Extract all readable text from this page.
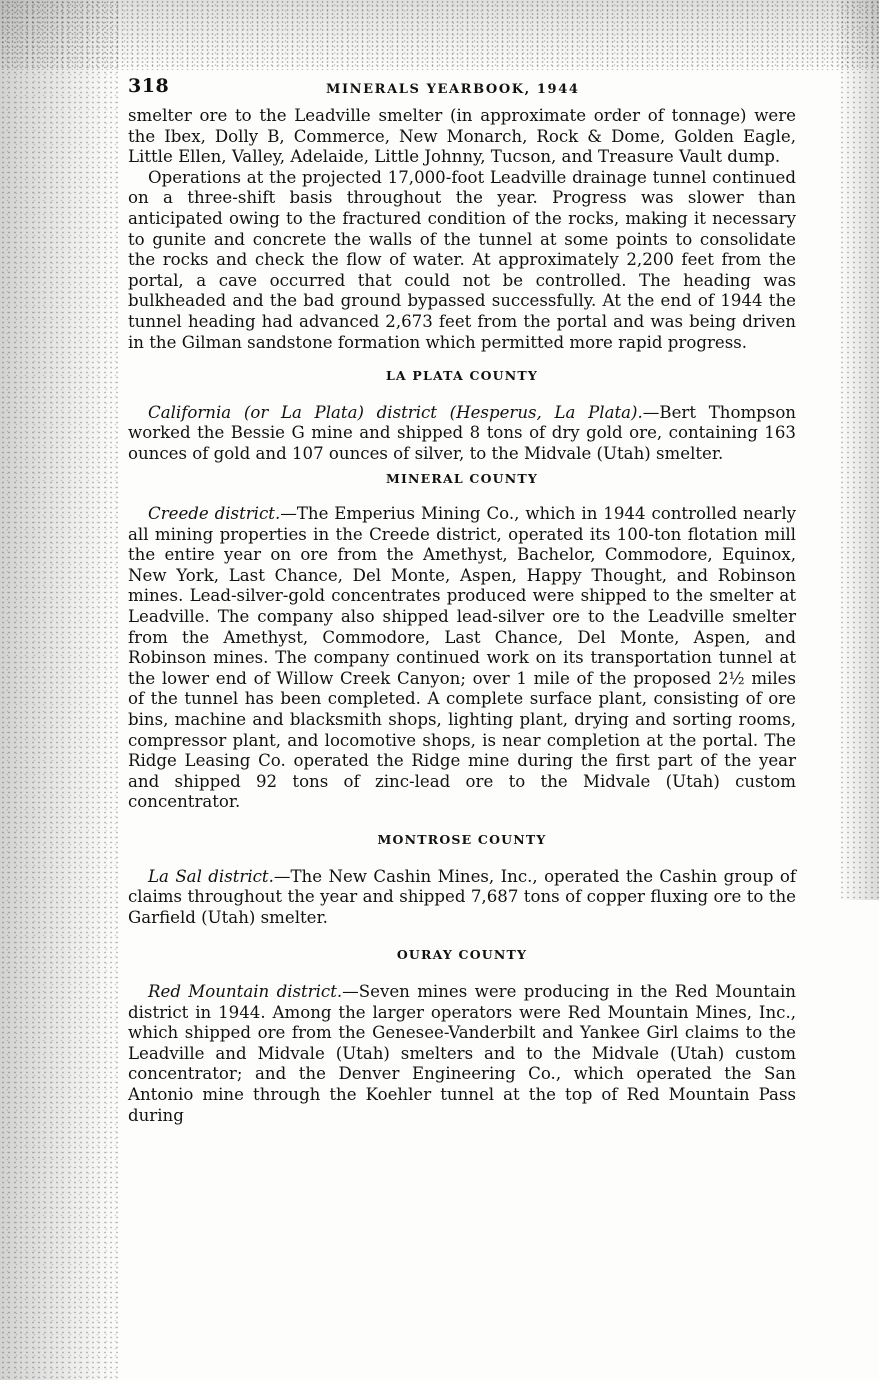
318	MINERALS YEARBOOK, 1944

smelter ore to the Leadville smelter (in approximate order of tonnage) were the Ibex, Dolly B, Commerce, New Monarch, Rock & Dome, Golden Eagle, Little Ellen, Valley, Adelaide, Little Johnny, Tucson, and Treasure Vault dump.

Operations at the projected 17,000-foot Leadville drainage tunnel continued on a three-shift basis throughout the year. Progress was slower than anticipated owing to the fractured condition of the rocks, making it necessary to gunite and concrete the walls of the tunnel at some points to consolidate the rocks and check the flow of water. At approximately 2,200 feet from the portal, a cave occurred that could not be controlled. The heading was bulkheaded and the bad ground bypassed successfully. At the end of 1944 the tunnel heading had advanced 2,673 feet from the portal and was being driven in the Gilman sandstone formation which permitted more rapid progress.

LA PLATA COUNTY

California (or La Plata) district (Hesperus, La Plata).—Bert Thompson worked the Bessie G mine and shipped 8 tons of dry gold ore, containing 163 ounces of gold and 107 ounces of silver, to the Midvale (Utah) smelter.

MINERAL COUNTY

Creede district.—The Emperius Mining Co., which in 1944 controlled nearly all mining properties in the Creede district, operated its 100-ton flotation mill the entire year on ore from the Amethyst, Bachelor, Commodore, Equinox, New York, Last Chance, Del Monte, Aspen, Happy Thought, and Robinson mines. Lead-silver-gold concentrates produced were shipped to the smelter at Leadville. The company also shipped lead-silver ore to the Leadville smelter from the Amethyst, Commodore, Last Chance, Del Monte, Aspen, and Robinson mines. The company continued work on its transportation tunnel at the lower end of Willow Creek Canyon; over 1 mile of the proposed 2½ miles of the tunnel has been completed. A complete surface plant, consisting of ore bins, machine and blacksmith shops, lighting plant, drying and sorting rooms, compressor plant, and locomotive shops, is near completion at the portal. The Ridge Leasing Co. operated the Ridge mine during the first part of the year and shipped 92 tons of zinc-lead ore to the Midvale (Utah) custom concentrator.

MONTROSE COUNTY

La Sal district.—The New Cashin Mines, Inc., operated the Cashin group of claims throughout the year and shipped 7,687 tons of copper fluxing ore to the Garfield (Utah) smelter.

OURAY COUNTY

Red Mountain district.—Seven mines were producing in the Red Mountain district in 1944. Among the larger operators were Red Mountain Mines, Inc., which shipped ore from the Genesee-Vanderbilt and Yankee Girl claims to the Leadville and Midvale (Utah) smelters and to the Midvale (Utah) custom concentrator; and the Denver Engineering Co., which operated the San Antonio mine through the Koehler tunnel at the top of Red Mountain Pass during
